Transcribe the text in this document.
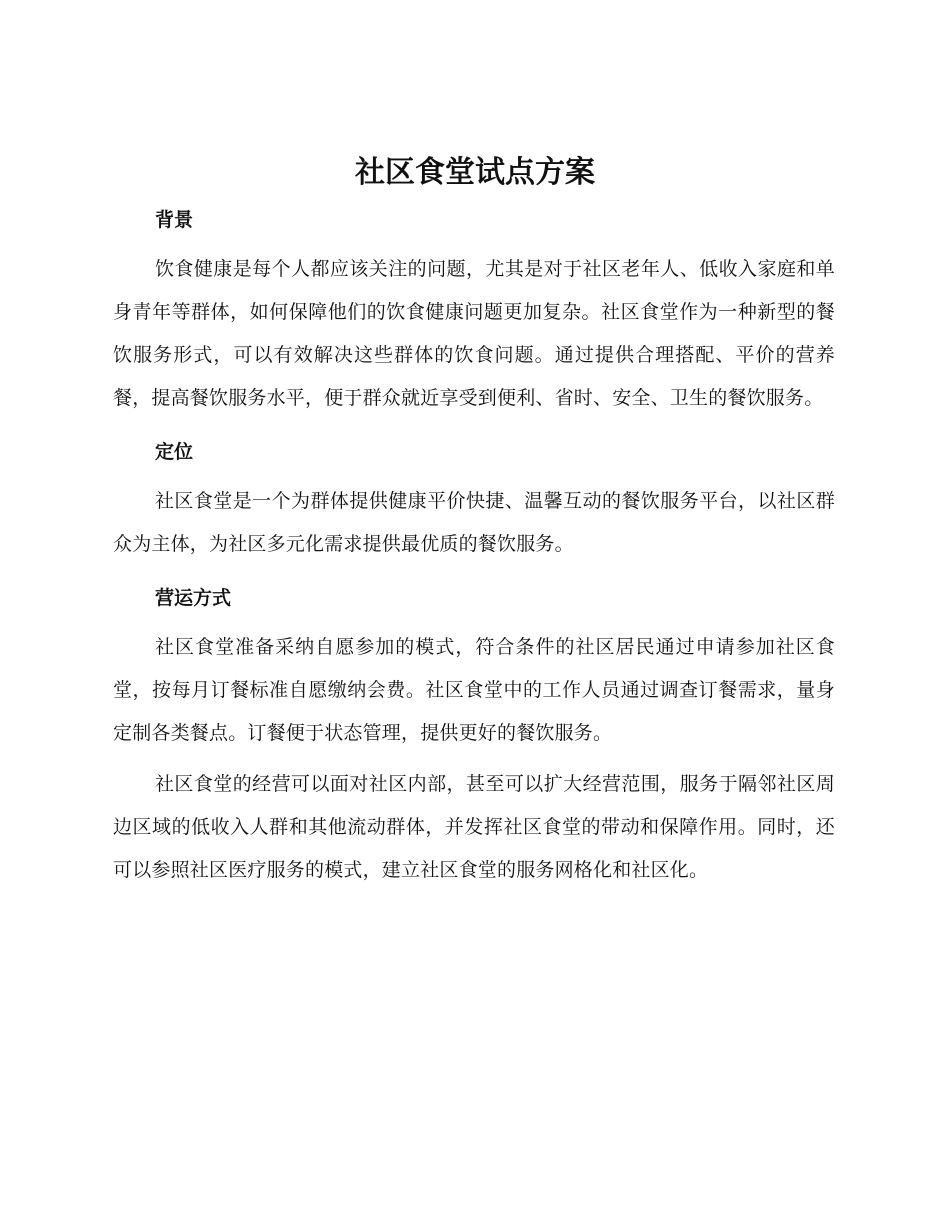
社区食堂试点方案
背景

饮食健康是每个人都应该关注的问题，尤其是对于社区老年人、低收入家庭和单身青年等群体，如何保障他们的饮食健康问题更加复杂。社区食堂作为一种新型的餐饮服务形式，可以有效解决这些群体的饮食问题。通过提供合理搭配、平价的营养餐，提高餐饮服务水平，便于群众就近享受到便利、省时、安全、卫生的餐饮服务。

定位

社区食堂是一个为群体提供健康平价快捷、温馨互动的餐饮服务平台，以社区群众为主体，为社区多元化需求提供最优质的餐饮服务。

营运方式

社区食堂准备采纳自愿参加的模式，符合条件的社区居民通过申请参加社区食堂，按每月订餐标准自愿缴纳会费。社区食堂中的工作人员通过调查订餐需求，量身定制各类餐点。订餐便于状态管理，提供更好的餐饮服务。

社区食堂的经营可以面对社区内部，甚至可以扩大经营范围，服务于隔邻社区周边区域的低收入人群和其他流动群体，并发挥社区食堂的带动和保障作用。同时，还可以参照社区医疗服务的模式，建立社区食堂的服务网格化和社区化。
